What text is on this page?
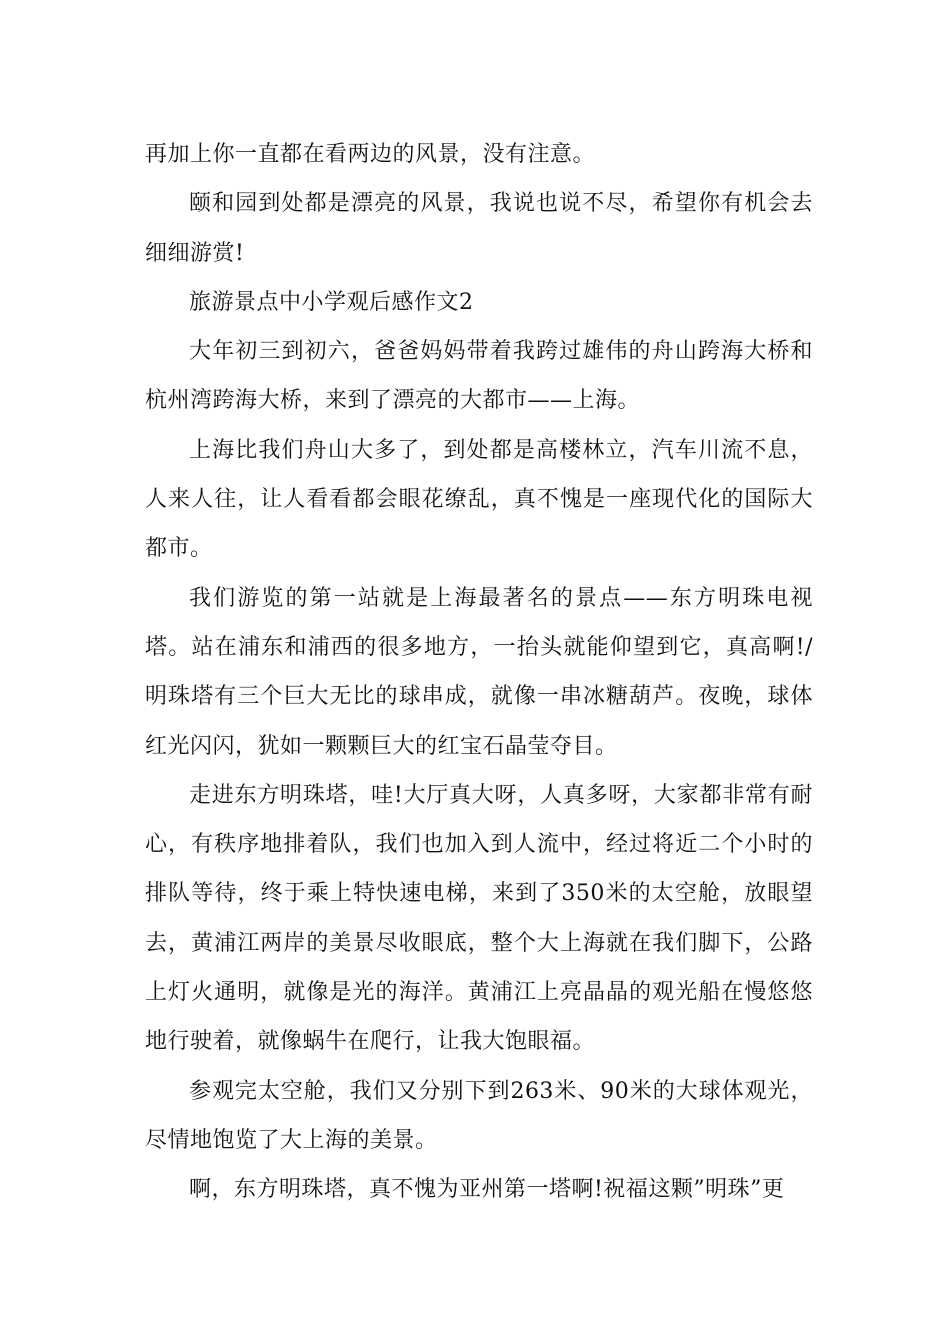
再加上你一直都在看两边的风景，没有注意。

颐和园到处都是漂亮的风景，我说也说不尽，希望你有机会去细细游赏!

旅游景点中小学观后感作文2

大年初三到初六，爸爸妈妈带着我跨过雄伟的舟山跨海大桥和杭州湾跨海大桥，来到了漂亮的大都市——上海。

上海比我们舟山大多了，到处都是高楼林立，汽车川流不息，人来人往，让人看看都会眼花缭乱，真不愧是一座现代化的国际大都市。

我们游览的第一站就是上海最著名的景点——东方明珠电视塔。站在浦东和浦西的很多地方，一抬头就能仰望到它，真高啊!/明珠塔有三个巨大无比的球串成，就像一串冰糖葫芦。夜晚，球体红光闪闪，犹如一颗颗巨大的红宝石晶莹夺目。

走进东方明珠塔，哇!大厅真大呀，人真多呀，大家都非常有耐心，有秩序地排着队，我们也加入到人流中，经过将近二个小时的排队等待，终于乘上特快速电梯，来到了350米的太空舱，放眼望去，黄浦江两岸的美景尽收眼底，整个大上海就在我们脚下，公路上灯火通明，就像是光的海洋。黄浦江上亮晶晶的观光船在慢悠悠地行驶着，就像蜗牛在爬行，让我大饱眼福。

参观完太空舱，我们又分别下到263米、90米的大球体观光，尽情地饱览了大上海的美景。

啊，东方明珠塔，真不愧为亚州第一塔啊!祝福这颗”明珠”更
